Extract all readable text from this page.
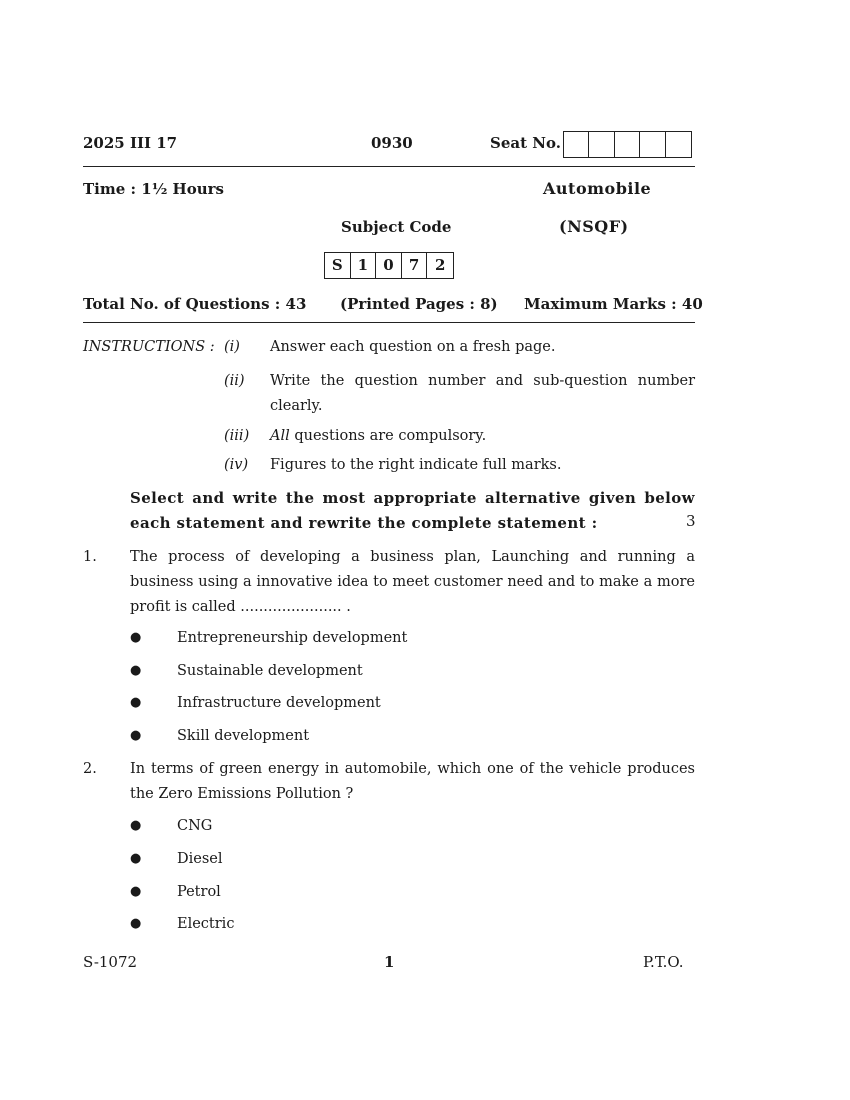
2025 III 17	0930	Seat No.
Time : 1½ Hours	Automobile
Subject Code	(NSQF)
S 1	0	7	2
Total No. of Questions : 43 (Printed Pages : 8) Maximum Marks : 40
INSTRUCTIONS : (i) Answer each question on a fresh page.
(ii) Write the question number and sub-question number clearly.
(iii) All questions are compulsory.
(iv) Figures to the right indicate full marks.
Select and write the most appropriate alternative given below each statement and rewrite the complete statement :	3
1. The process of developing a business plan, Launching and running a business using a innovative idea to meet customer need and to make a more profit is called ...................... .
● Entrepreneurship development
● Sustainable development
● Infrastructure development
● Skill development
2. In terms of green energy in automobile, which one of the vehicle produces the Zero Emissions Pollution ?
● CNG
● Diesel
● Petrol
● Electric
S-1072	1	P.T.O.
